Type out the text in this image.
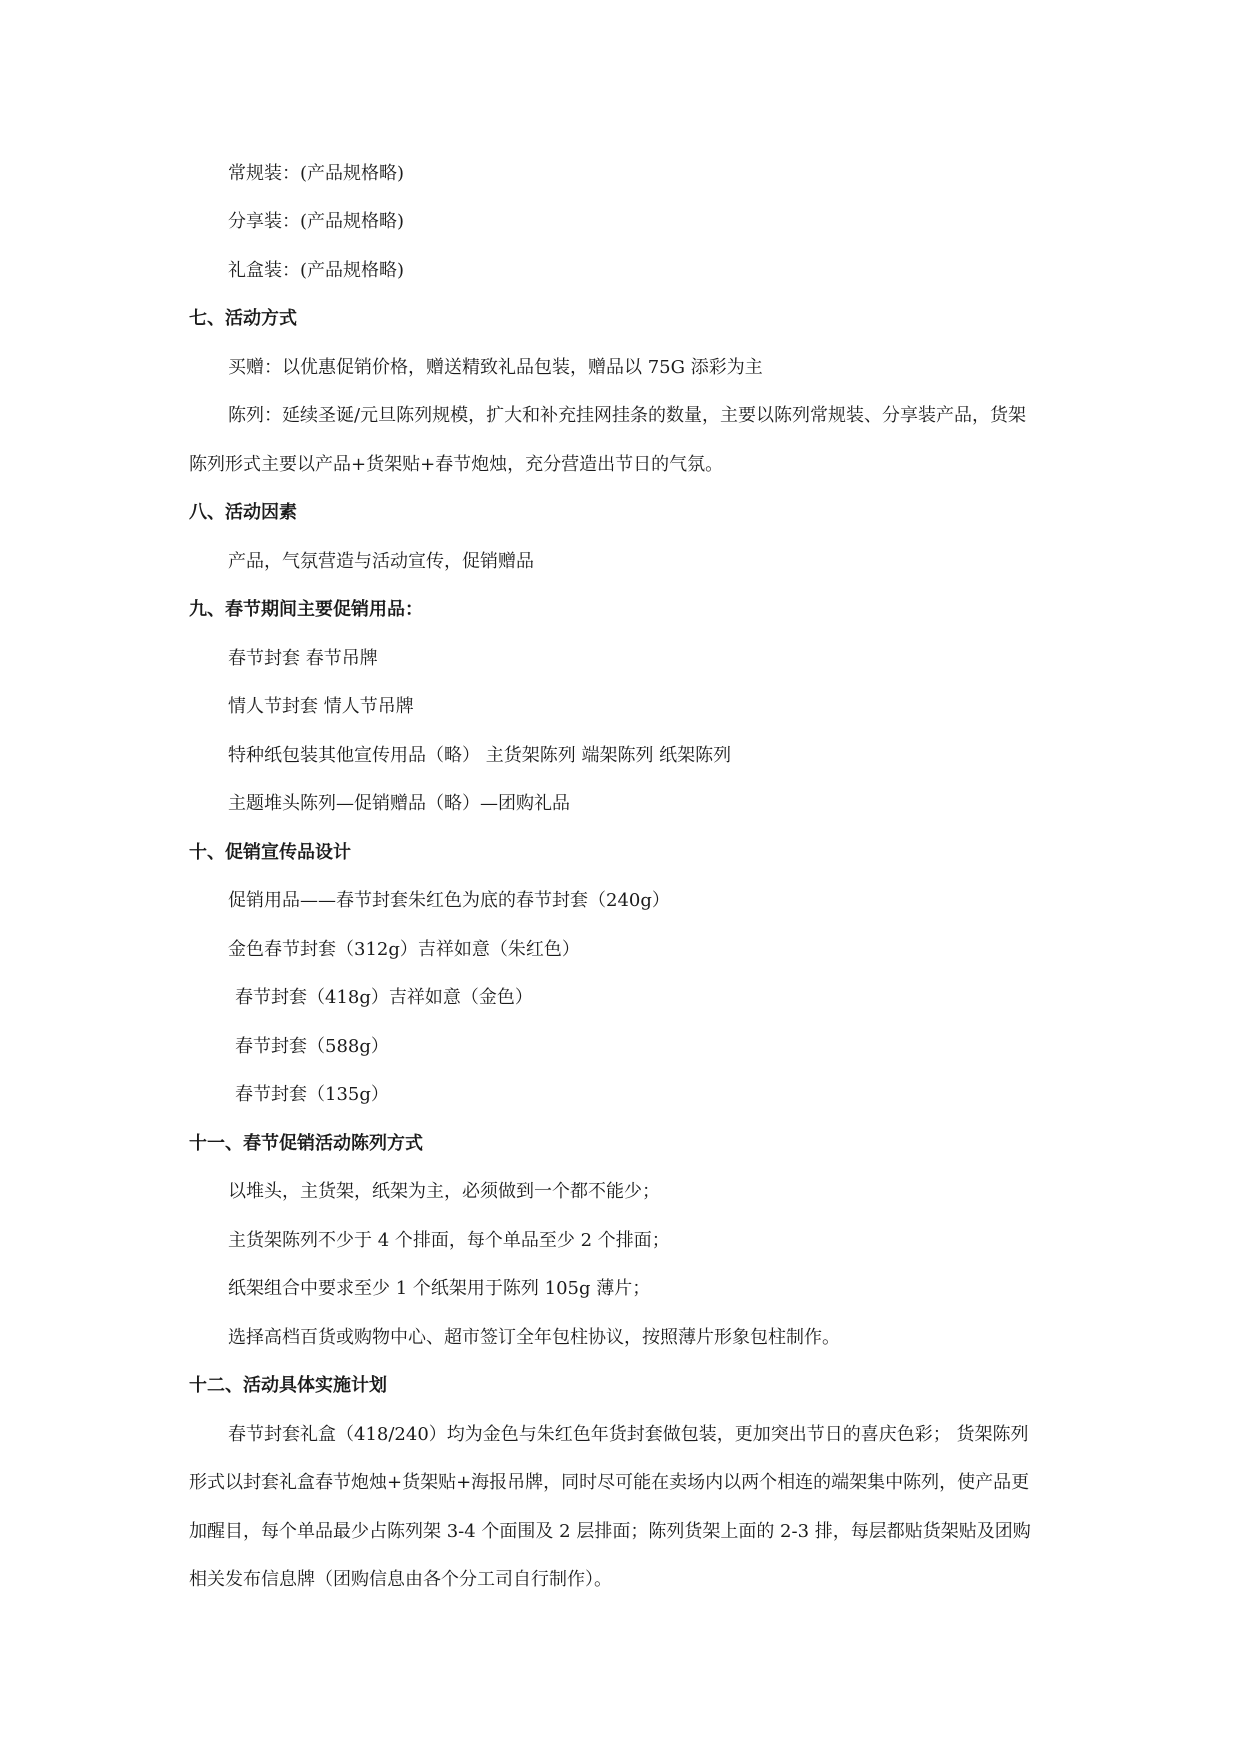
常规装：(产品规格略)
分享装：(产品规格略)
礼盒装：(产品规格略)
七、活动方式
买赠：以优惠促销价格，赠送精致礼品包装，赠品以 75G 添彩为主
陈列：延续圣诞/元旦陈列规模，扩大和补充挂网挂条的数量，主要以陈列常规装、分享装产品，货架
陈列形式主要以产品+货架贴+春节炮烛，充分营造出节日的气氛。
八、活动因素
产品，气氛营造与活动宣传，促销赠品
九、春节期间主要促销用品：
春节封套 春节吊牌
情人节封套 情人节吊牌
特种纸包装其他宣传用品（略） 主货架陈列 端架陈列 纸架陈列
主题堆头陈列—促销赠品（略）—团购礼品
十、促销宣传品设计
促销用品——春节封套朱红色为底的春节封套（240g）
金色春节封套（312g）吉祥如意（朱红色）
春节封套（418g）吉祥如意（金色）
春节封套（588g）
春节封套（135g）
十一、春节促销活动陈列方式
以堆头，主货架，纸架为主，必须做到一个都不能少；
主货架陈列不少于 4 个排面，每个单品至少 2 个排面；
纸架组合中要求至少 1 个纸架用于陈列 105g 薄片；
选择高档百货或购物中心、超市签订全年包柱协议，按照薄片形象包柱制作。
十二、活动具体实施计划
春节封套礼盒（418/240）均为金色与朱红色年货封套做包装，更加突出节日的喜庆色彩； 货架陈列
形式以封套礼盒春节炮烛+货架贴+海报吊牌，同时尽可能在卖场内以两个相连的端架集中陈列，使产品更
加醒目，每个单品最少占陈列架 3-4 个面围及 2 层排面；陈列货架上面的 2-3 排，每层都贴货架贴及团购
相关发布信息牌（团购信息由各个分工司自行制作）。
